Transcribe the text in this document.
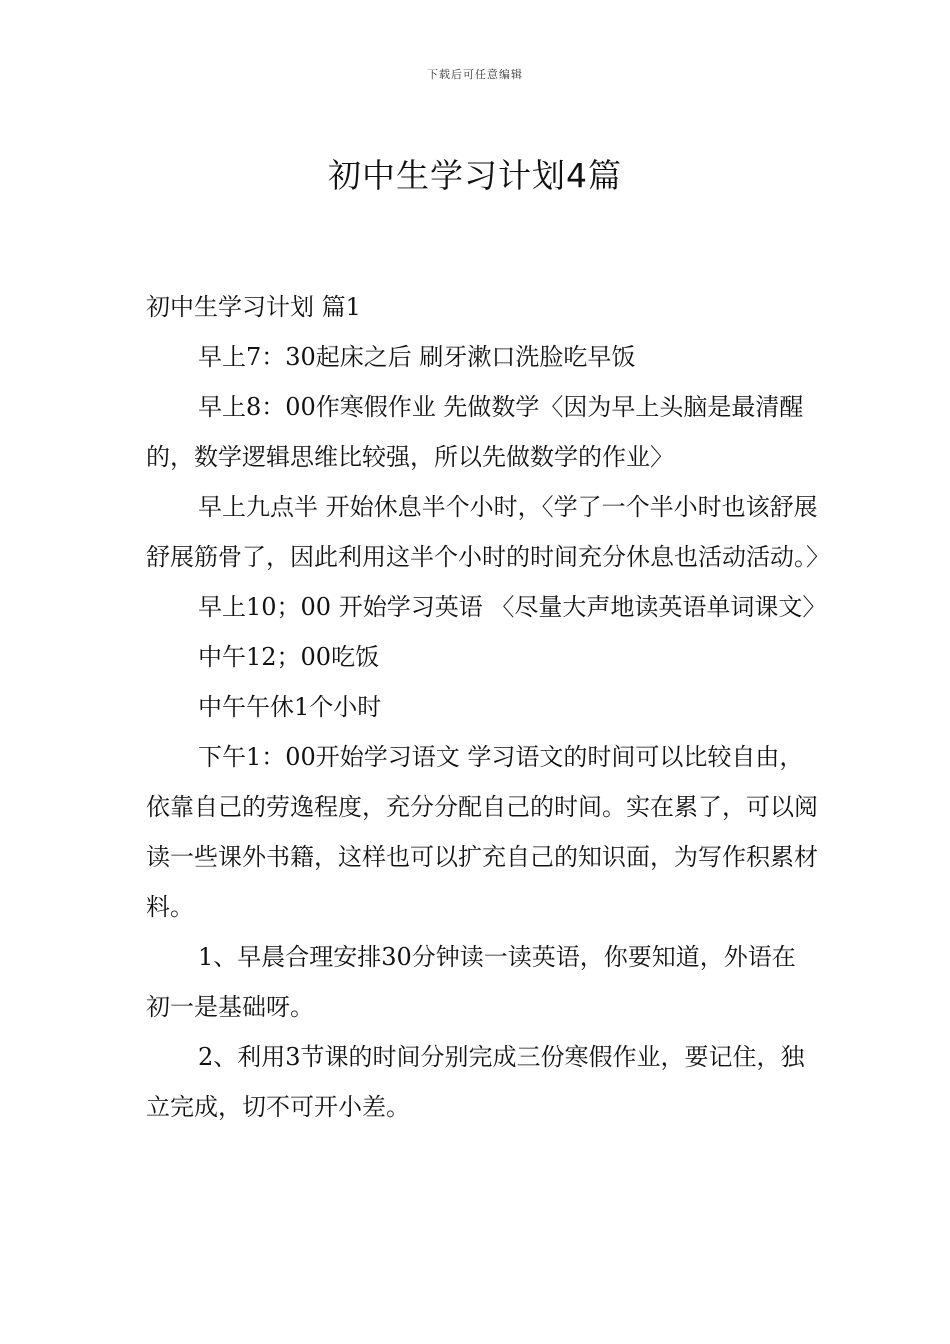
下载后可任意编辑
初中生学习计划4篇

初中生学习计划 篇1

早上7：30起床之后 刷牙漱口洗脸吃早饭

早上8：00作寒假作业 先做数学〈因为早上头脑是最清醒的，数学逻辑思维比较强，所以先做数学的作业〉

早上九点半 开始休息半个小时，〈学了一个半小时也该舒展舒展筋骨了，因此利用这半个小时的时间充分休息也活动活动。〉

早上10；00 开始学习英语 〈尽量大声地读英语单词课文〉

中午12；00吃饭

中午午休1个小时

下午1：00开始学习语文 学习语文的时间可以比较自由，依靠自己的劳逸程度，充分分配自己的时间。实在累了，可以阅读一些课外书籍，这样也可以扩充自己的知识面，为写作积累材料。

1、早晨合理安排30分钟读一读英语，你要知道，外语在初一是基础呀。

2、利用3节课的时间分别完成三份寒假作业，要记住，独立完成，切不可开小差。
